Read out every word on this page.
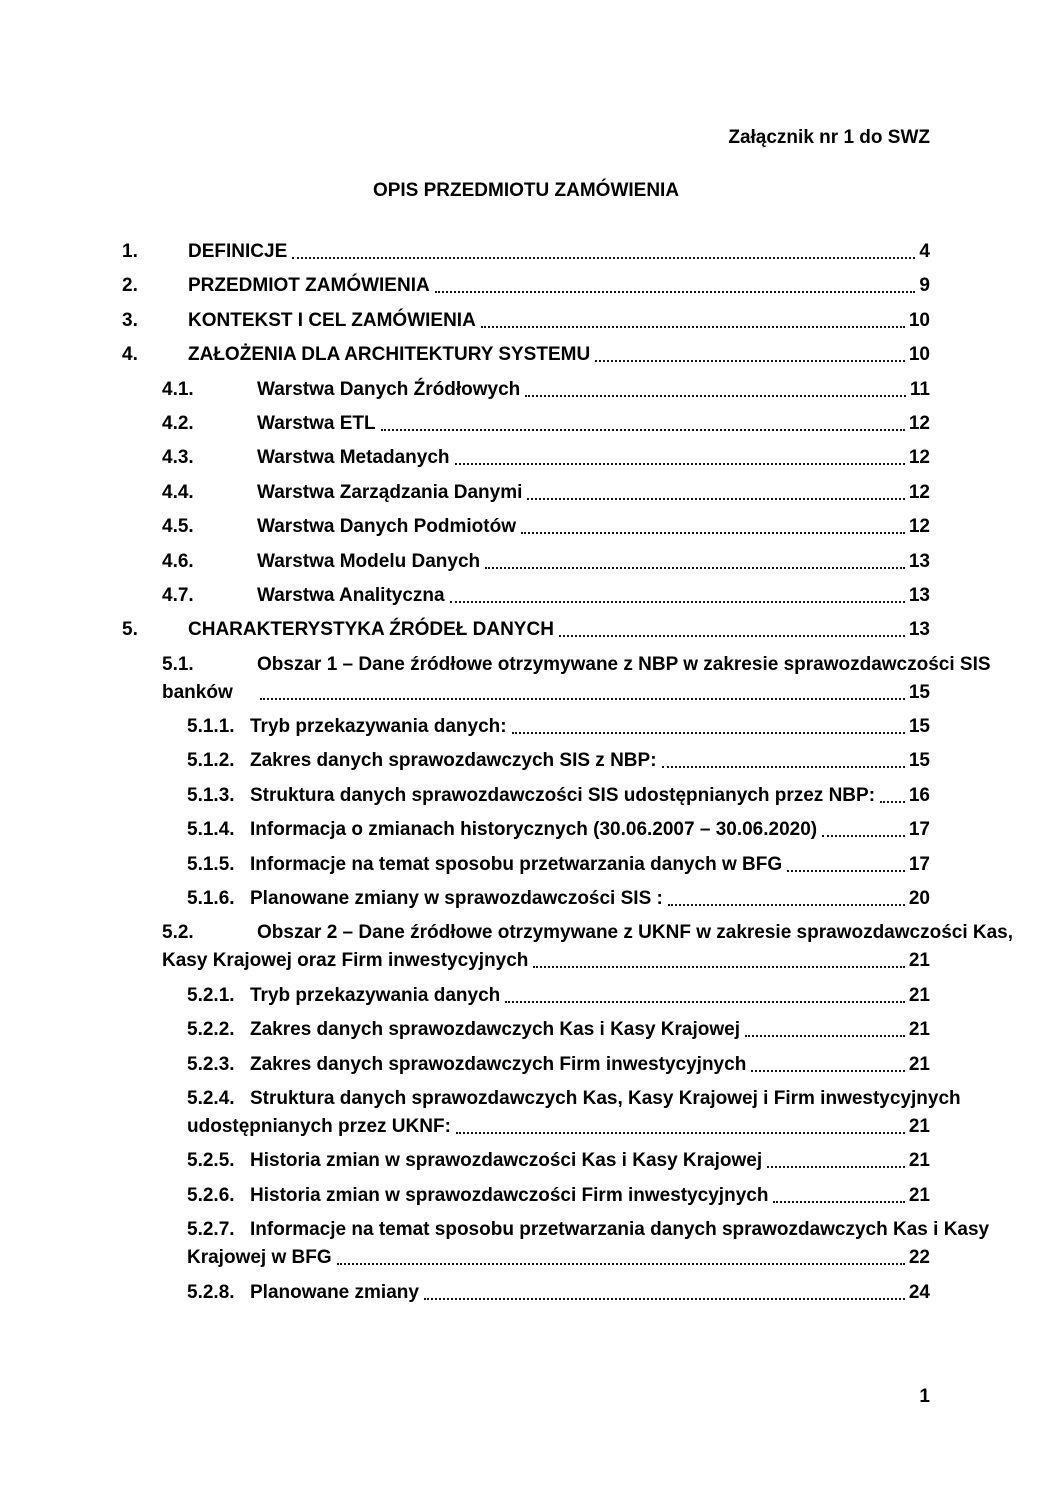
Załącznik nr 1 do SWZ
OPIS PRZEDMIOTU ZAMÓWIENIA
1.	DEFINICJE	4
2.	PRZEDMIOT ZAMÓWIENIA	9
3.	KONTEKST I CEL ZAMÓWIENIA	10
4.	ZAŁOŻENIA DLA ARCHITEKTURY SYSTEMU	10
4.1.	Warstwa Danych Źródłowych	11
4.2.	Warstwa ETL	12
4.3.	Warstwa Metadanych	12
4.4.	Warstwa Zarządzania Danymi	12
4.5.	Warstwa Danych Podmiotów	12
4.6.	Warstwa Modelu Danych	13
4.7.	Warstwa Analityczna	13
5.	CHARAKTERYSTYKA ŹRÓDEŁ DANYCH	13
5.1.	Obszar 1 – Dane źródłowe otrzymywane z NBP w zakresie sprawozdawczości SIS
banków	15
5.1.1. Tryb przekazywania danych:	15
5.1.2. Zakres danych sprawozdawczych SIS z NBP:	15
5.1.3. Struktura danych sprawozdawczości SIS udostępnianych przez NBP: 16
5.1.4. Informacja o zmianach historycznych (30.06.2007 – 30.06.2020)	17
5.1.5. Informacje na temat sposobu przetwarzania danych w BFG	17
5.1.6. Planowane zmiany w sprawozdawczości SIS :	20
5.2.	Obszar 2 – Dane źródłowe otrzymywane z UKNF w zakresie sprawozdawczości Kas,
Kasy Krajowej oraz Firm inwestycyjnych	21
5.2.1. Tryb przekazywania danych	21
5.2.2. Zakres danych sprawozdawczych Kas i Kasy Krajowej	21
5.2.3. Zakres danych sprawozdawczych Firm inwestycyjnych	21
5.2.4. Struktura danych sprawozdawczych Kas, Kasy Krajowej i Firm inwestycyjnych
udostępnianych przez UKNF:	21
5.2.5. Historia zmian w sprawozdawczości Kas i Kasy Krajowej	21
5.2.6. Historia zmian w sprawozdawczości Firm inwestycyjnych	21
5.2.7. Informacje na temat sposobu przetwarzania danych sprawozdawczych Kas i Kasy
Krajowej w BFG	22
5.2.8. Planowane zmiany	24
1
